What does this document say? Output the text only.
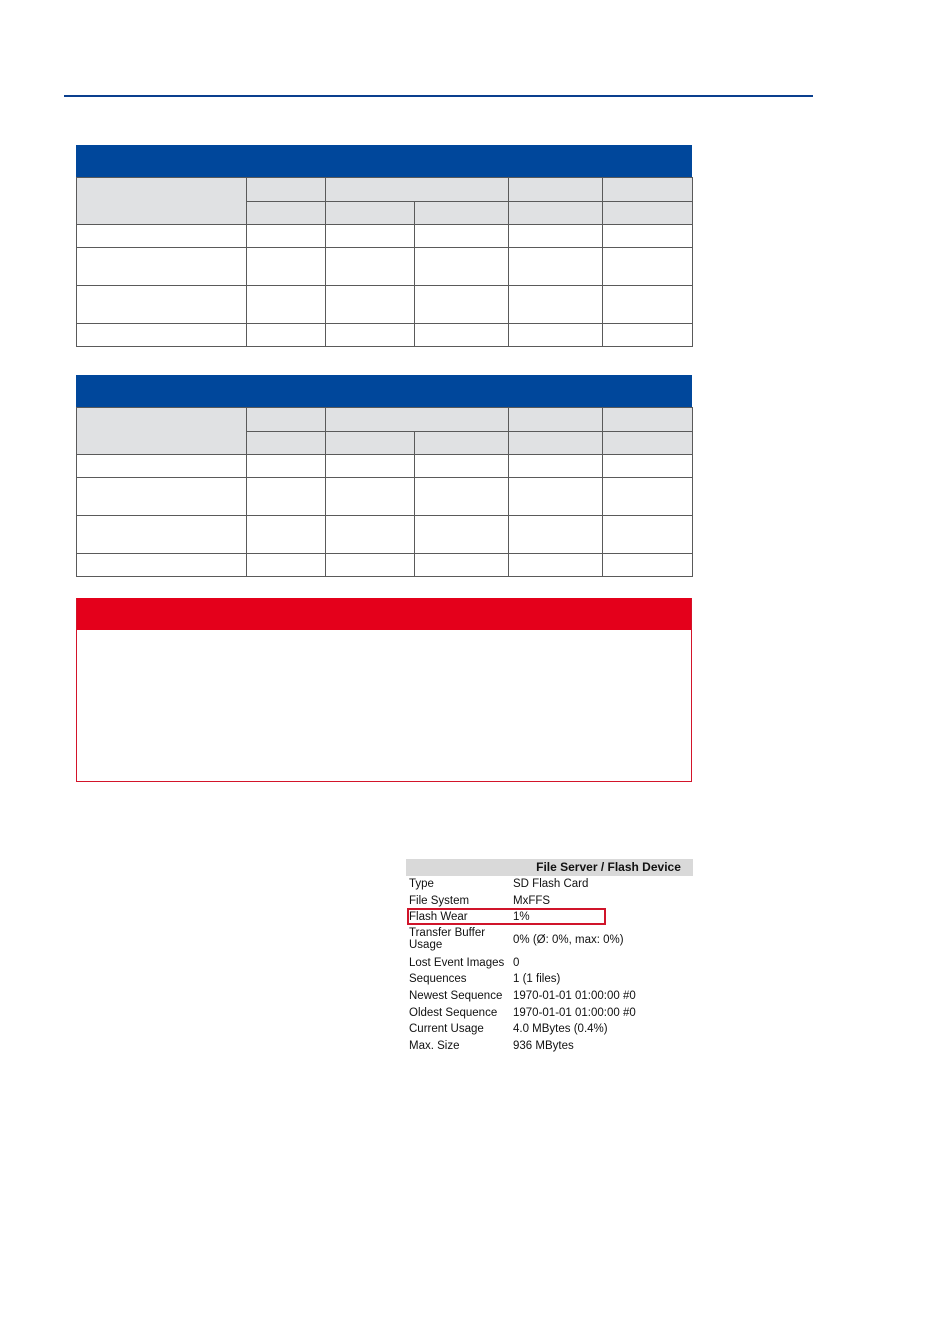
File Server / Flash Device
Type	SD Flash Card
File System	MxFFS
Flash Wear	1%
Transfer Buffer
Usage	0% (Ø: 0%, max: 0%)
Lost Event Images 0
Sequences	1 (1 files)
Newest Sequence 1970-01-01 01:00:00 #0
Oldest Sequence	1970-01-01 01:00:00 #0
Current Usage	4.0 MBytes (0.4%)
Max. Size	936 MBytes
